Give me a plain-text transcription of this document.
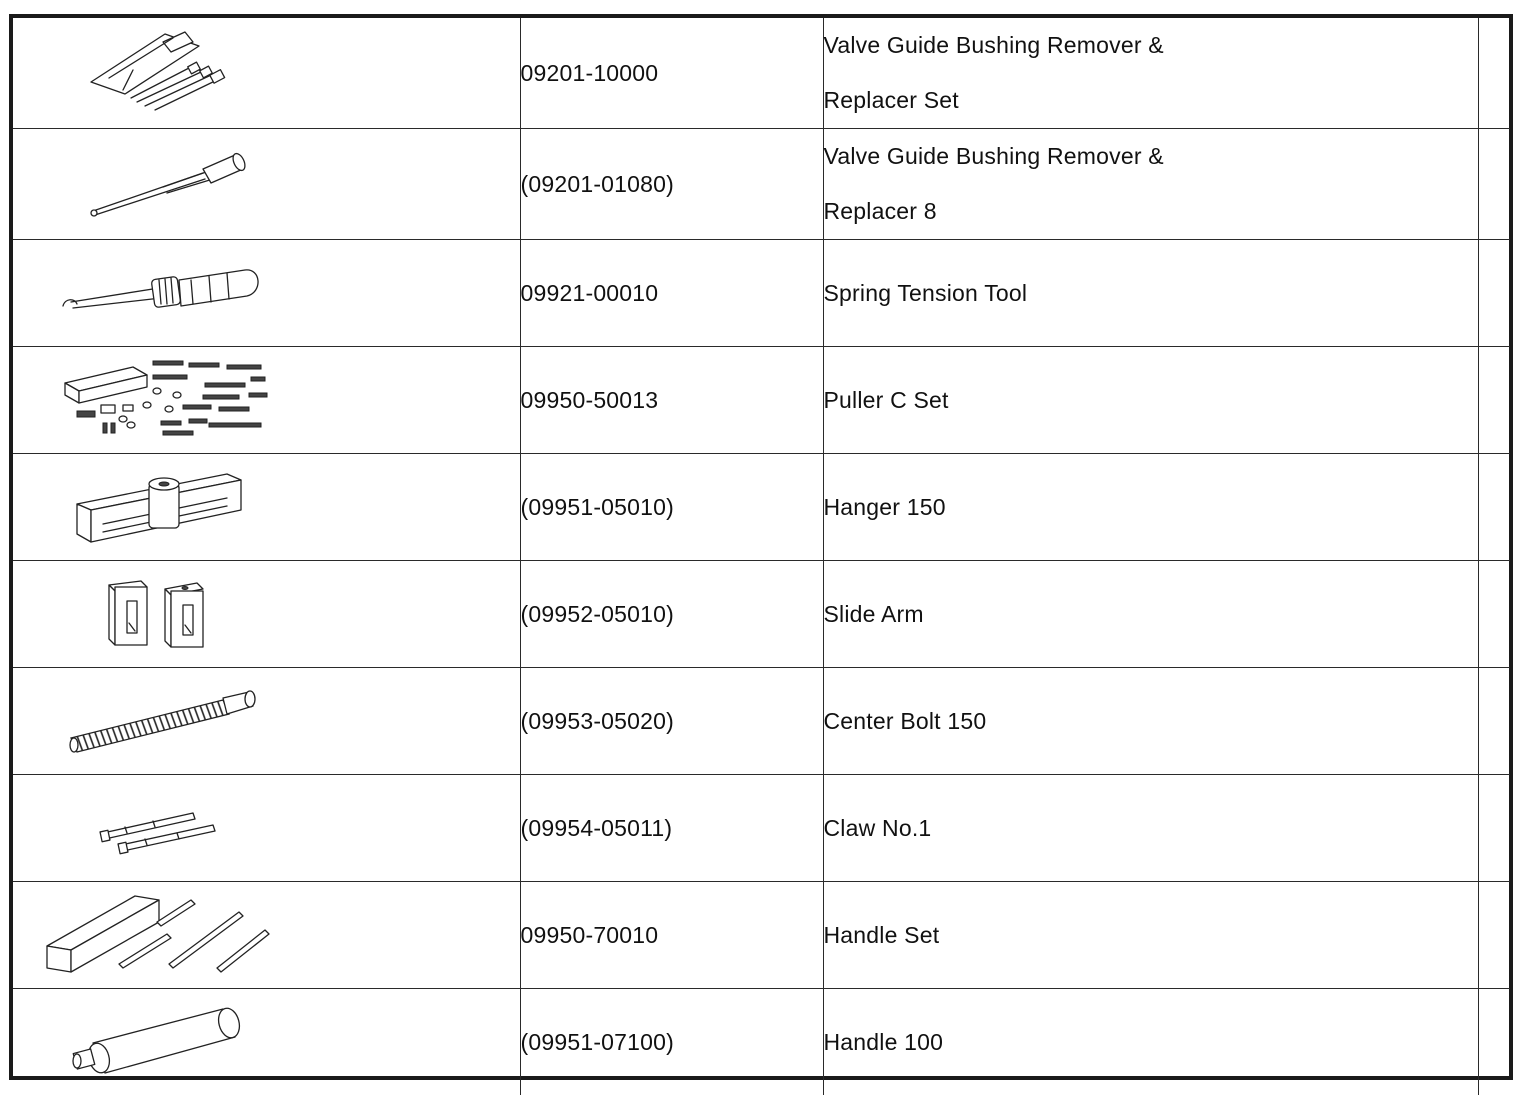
	09201-10000	Valve Guide Bushing Remover &
Replacer Set	

	(09201-01080)	Valve Guide Bushing Remover &
Replacer 8	

	09921-00010	Spring Tension Tool	

	09950-50013	Puller C Set	

	(09951-05010)	Hanger 150	

	(09952-05010)	Slide Arm	

	(09953-05020)	Center Bolt 150	

	(09954-05011)	Claw No.1	

	09950-70010	Handle Set	

	(09951-07100)	Handle 100	
